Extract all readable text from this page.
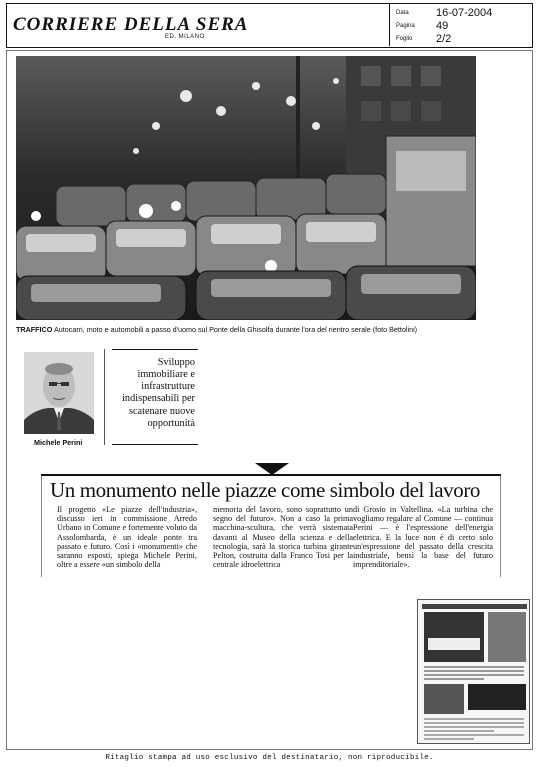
CORRIERE DELLA SERA
ED. MILANO
Data 16-07-2004
Pagina 49
Foglio 2/2
TRAFFICO Autocarri, moto e automobili a passo d'uomo sul Ponte della Ghisolfa durante l'ora del rientro serale (foto Bettolini)
Michele Perini
Sviluppo immobiliare e infrastrutture indispensabili per scatenare nuove opportunità
Un monumento nelle piazze come simbolo del lavoro
Il progetto «Le piazze dell'industria», discusso ieri in commissione Arredo Urbano in Comune e fortemente voluto da Assolombarda, è un ideale ponte tra passato e futuro. Così i «monumenti» che saranno esposti, spiega Michele Perini, oltre a essere «un simbolo della
memoria del lavoro, sono soprattutto un segno del futuro». Non a caso la prima macchina-scultura, che verrà sistemata davanti al Museo della scienza e della tecnologia, sarà la storica turbina girante Pelton, costruita dalla Franco Tosi per la centrale idroelettrica
di Grosio in Valtellina. «La turbina che vogliamo regalare al Comune — continua Perini — è l'espressione dell'energia elettrica. E la luce non è di certo solo un'espressione del passato della crescita industriale, bensì la base del futuro imprenditoriale».
Ritaglio stampa ad uso esclusivo del destinatario, non riproducibile.
